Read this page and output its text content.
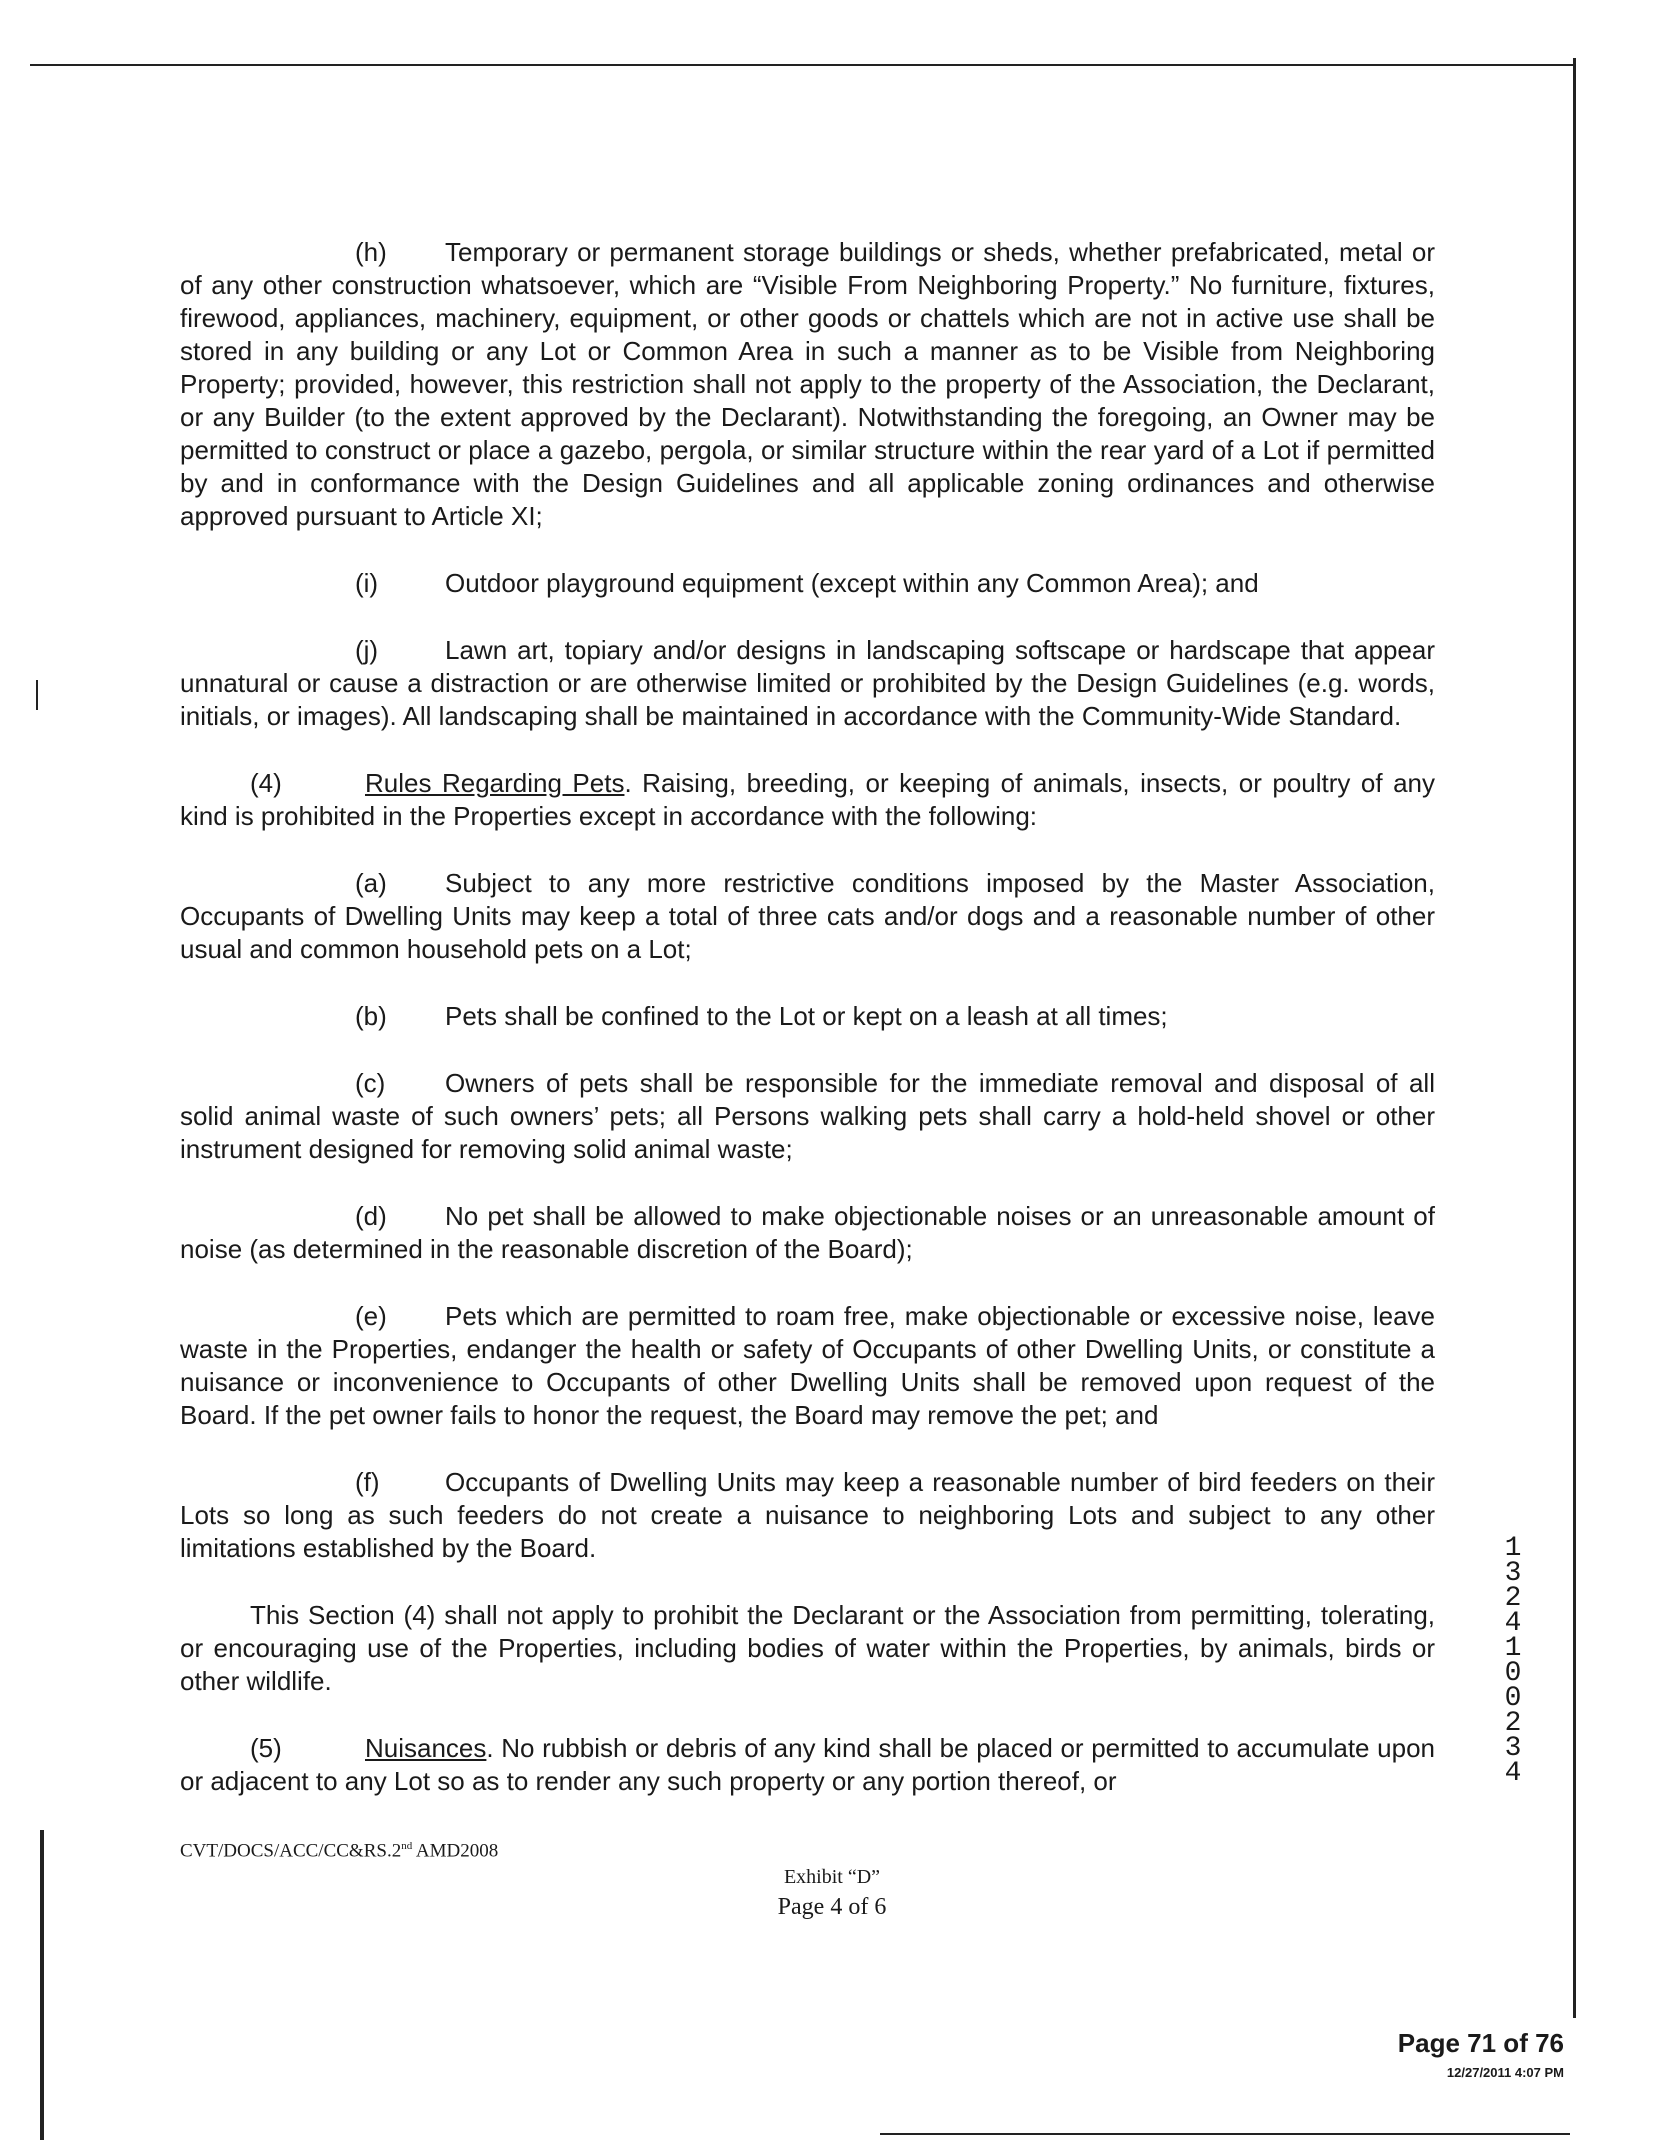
(h) Temporary or permanent storage buildings or sheds, whether prefabricated, metal or of any other construction whatsoever, which are “Visible From Neighboring Property.” No furniture, fixtures, firewood, appliances, machinery, equipment, or other goods or chattels which are not in active use shall be stored in any building or any Lot or Common Area in such a manner as to be Visible from Neighboring Property; provided, however, this restriction shall not apply to the property of the Association, the Declarant, or any Builder (to the extent approved by the Declarant). Notwithstanding the foregoing, an Owner may be permitted to construct or place a gazebo, pergola, or similar structure within the rear yard of a Lot if permitted by and in conformance with the Design Guidelines and all applicable zoning ordinances and otherwise approved pursuant to Article XI;

(i)	Outdoor playground equipment (except within any Common Area); and

(j)	Lawn art, topiary and/or designs in landscaping softscape or hardscape that appear unnatural or cause a distraction or are otherwise limited or prohibited by the Design Guidelines (e.g. words, initials, or images). All landscaping shall be maintained in accordance with the Community-Wide Standard.

(4)	Rules Regarding Pets. Raising, breeding, or keeping of animals, insects, or poultry of any kind is prohibited in the Properties except in accordance with the following:

(a) Subject to any more restrictive conditions imposed by the Master Association, Occupants of Dwelling Units may keep a total of three cats and/or dogs and a reasonable number of other usual and common household pets on a Lot;

(b) Pets shall be confined to the Lot or kept on a leash at all times;

(c) Owners of pets shall be responsible for the immediate removal and disposal of all solid animal waste of such owners’ pets; all Persons walking pets shall carry a hold-held shovel or other instrument designed for removing solid animal waste;

(d) No pet shall be allowed to make objectionable noises or an unreasonable amount of noise (as determined in the reasonable discretion of the Board);

(e) Pets which are permitted to roam free, make objectionable or excessive noise, leave waste in the Properties, endanger the health or safety of Occupants of other Dwelling Units, or constitute a nuisance or inconvenience to Occupants of other Dwelling Units shall be removed upon request of the Board. If the pet owner fails to honor the request, the Board may remove the pet; and

(f)	Occupants of Dwelling Units may keep a reasonable number of bird feeders on their Lots so long as such feeders do not create a nuisance to neighboring Lots and subject to any other limitations established by the Board.

This Section (4) shall not apply to prohibit the Declarant or the Association from permitting, tolerating, or encouraging use of the Properties, including bodies of water within the Properties, by animals, birds or other wildlife.

(5)	Nuisances. No rubbish or debris of any kind shall be placed or permitted to accumulate upon or adjacent to any Lot so as to render any such property or any portion thereof, or

13241 00234
CVT/DOCS/ACC/CC&RS.2nd AMD2008
Exhibit “D”
Page 4 of 6
Page 71 of 76
12/27/2011 4:07 PM
